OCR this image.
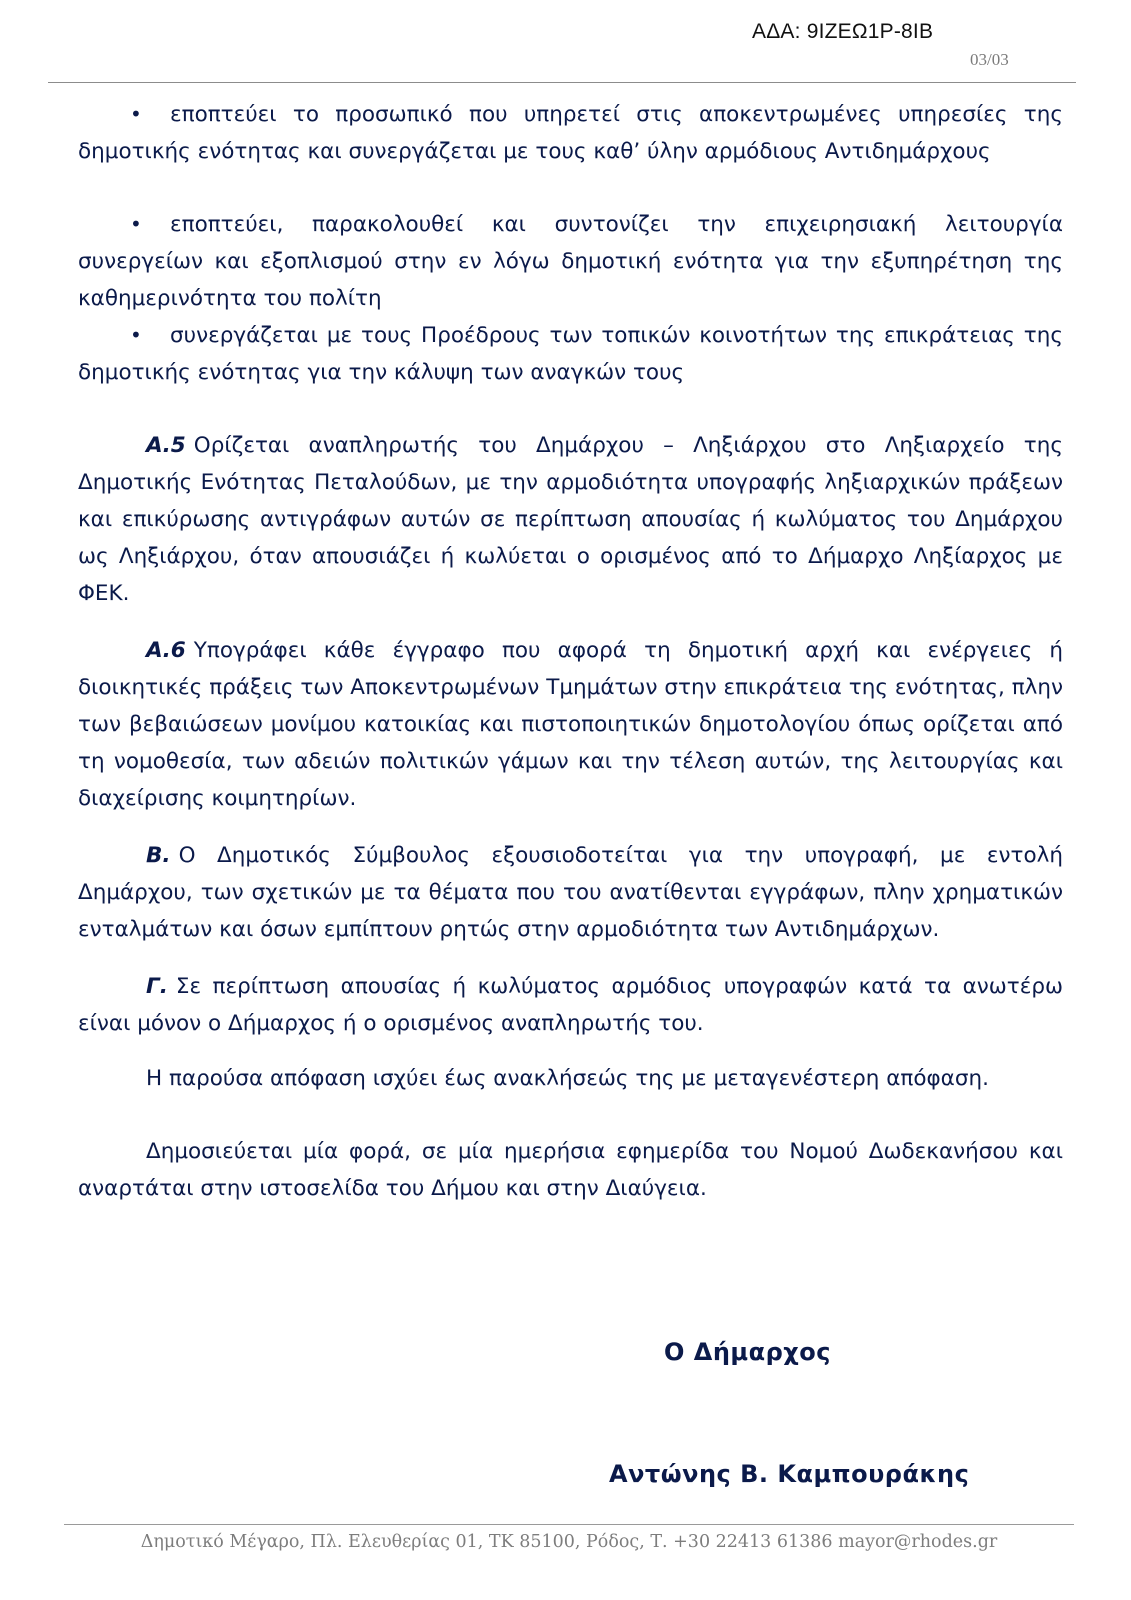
ΑΔΑ: 9ΙΖΕΩ1Ρ-8ΙΒ
03/03

• εποπτεύει το προσωπικό που υπηρετεί στις αποκεντρωμένες υπηρεσίες της δημοτικής ενότητας και συνεργάζεται με τους καθ’ ύλην αρμόδιους Αντιδημάρχους

• εποπτεύει, παρακολουθεί και συντονίζει την επιχειρησιακή λειτουργία συνεργείων και εξοπλισμού στην εν λόγω δημοτική ενότητα για την εξυπηρέτηση της καθημερινότητα του πολίτη

• συνεργάζεται με τους Προέδρους των τοπικών κοινοτήτων της επικράτειας της δημοτικής ενότητας για την κάλυψη των αναγκών τους

Α.5 Ορίζεται αναπληρωτής του Δημάρχου – Ληξιάρχου στο Ληξιαρχείο της Δημοτικής Ενότητας Πεταλούδων, με την αρμοδιότητα υπογραφής ληξιαρχικών πράξεων και επικύρωσης αντιγράφων αυτών σε περίπτωση απουσίας ή κωλύματος του Δημάρχου ως Ληξιάρχου, όταν απουσιάζει ή κωλύεται ο ορισμένος από το Δήμαρχο Ληξίαρχος με ΦΕΚ.

Α.6 Υπογράφει κάθε έγγραφο που αφορά τη δημοτική αρχή και ενέργειες ή διοικητικές πράξεις των Αποκεντρωμένων Τμημάτων στην επικράτεια της ενότητας, πλην των βεβαιώσεων μονίμου κατοικίας και πιστοποιητικών δημοτολογίου όπως ορίζεται από τη νομοθεσία, των αδειών πολιτικών γάμων και την τέλεση αυτών, της λειτουργίας και διαχείρισης κοιμητηρίων.

Β. Ο Δημοτικός Σύμβουλος εξουσιοδοτείται για την υπογραφή, με εντολή Δημάρχου, των σχετικών με τα θέματα που του ανατίθενται εγγράφων, πλην χρηματικών ενταλμάτων και όσων εμπίπτουν ρητώς στην αρμοδιότητα των Αντιδημάρχων.

Γ. Σε περίπτωση απουσίας ή κωλύματος αρμόδιος υπογραφών κατά τα ανωτέρω είναι μόνον ο Δήμαρχος ή ο ορισμένος αναπληρωτής του.

Η παρούσα απόφαση ισχύει έως ανακλήσεώς της με μεταγενέστερη απόφαση.

Δημοσιεύεται μία φορά, σε μία ημερήσια εφημερίδα του Νομού Δωδεκανήσου και αναρτάται στην ιστοσελίδα του Δήμου και στην Διαύγεια.

Ο Δήμαρχος
Αντώνης Β. Καμπουράκης
Δημοτικό Μέγαρο, Πλ. Ελευθερίας 01, ΤΚ 85100, Ρόδος, Τ. +30 22413 61386 mayor@rhodes.gr
